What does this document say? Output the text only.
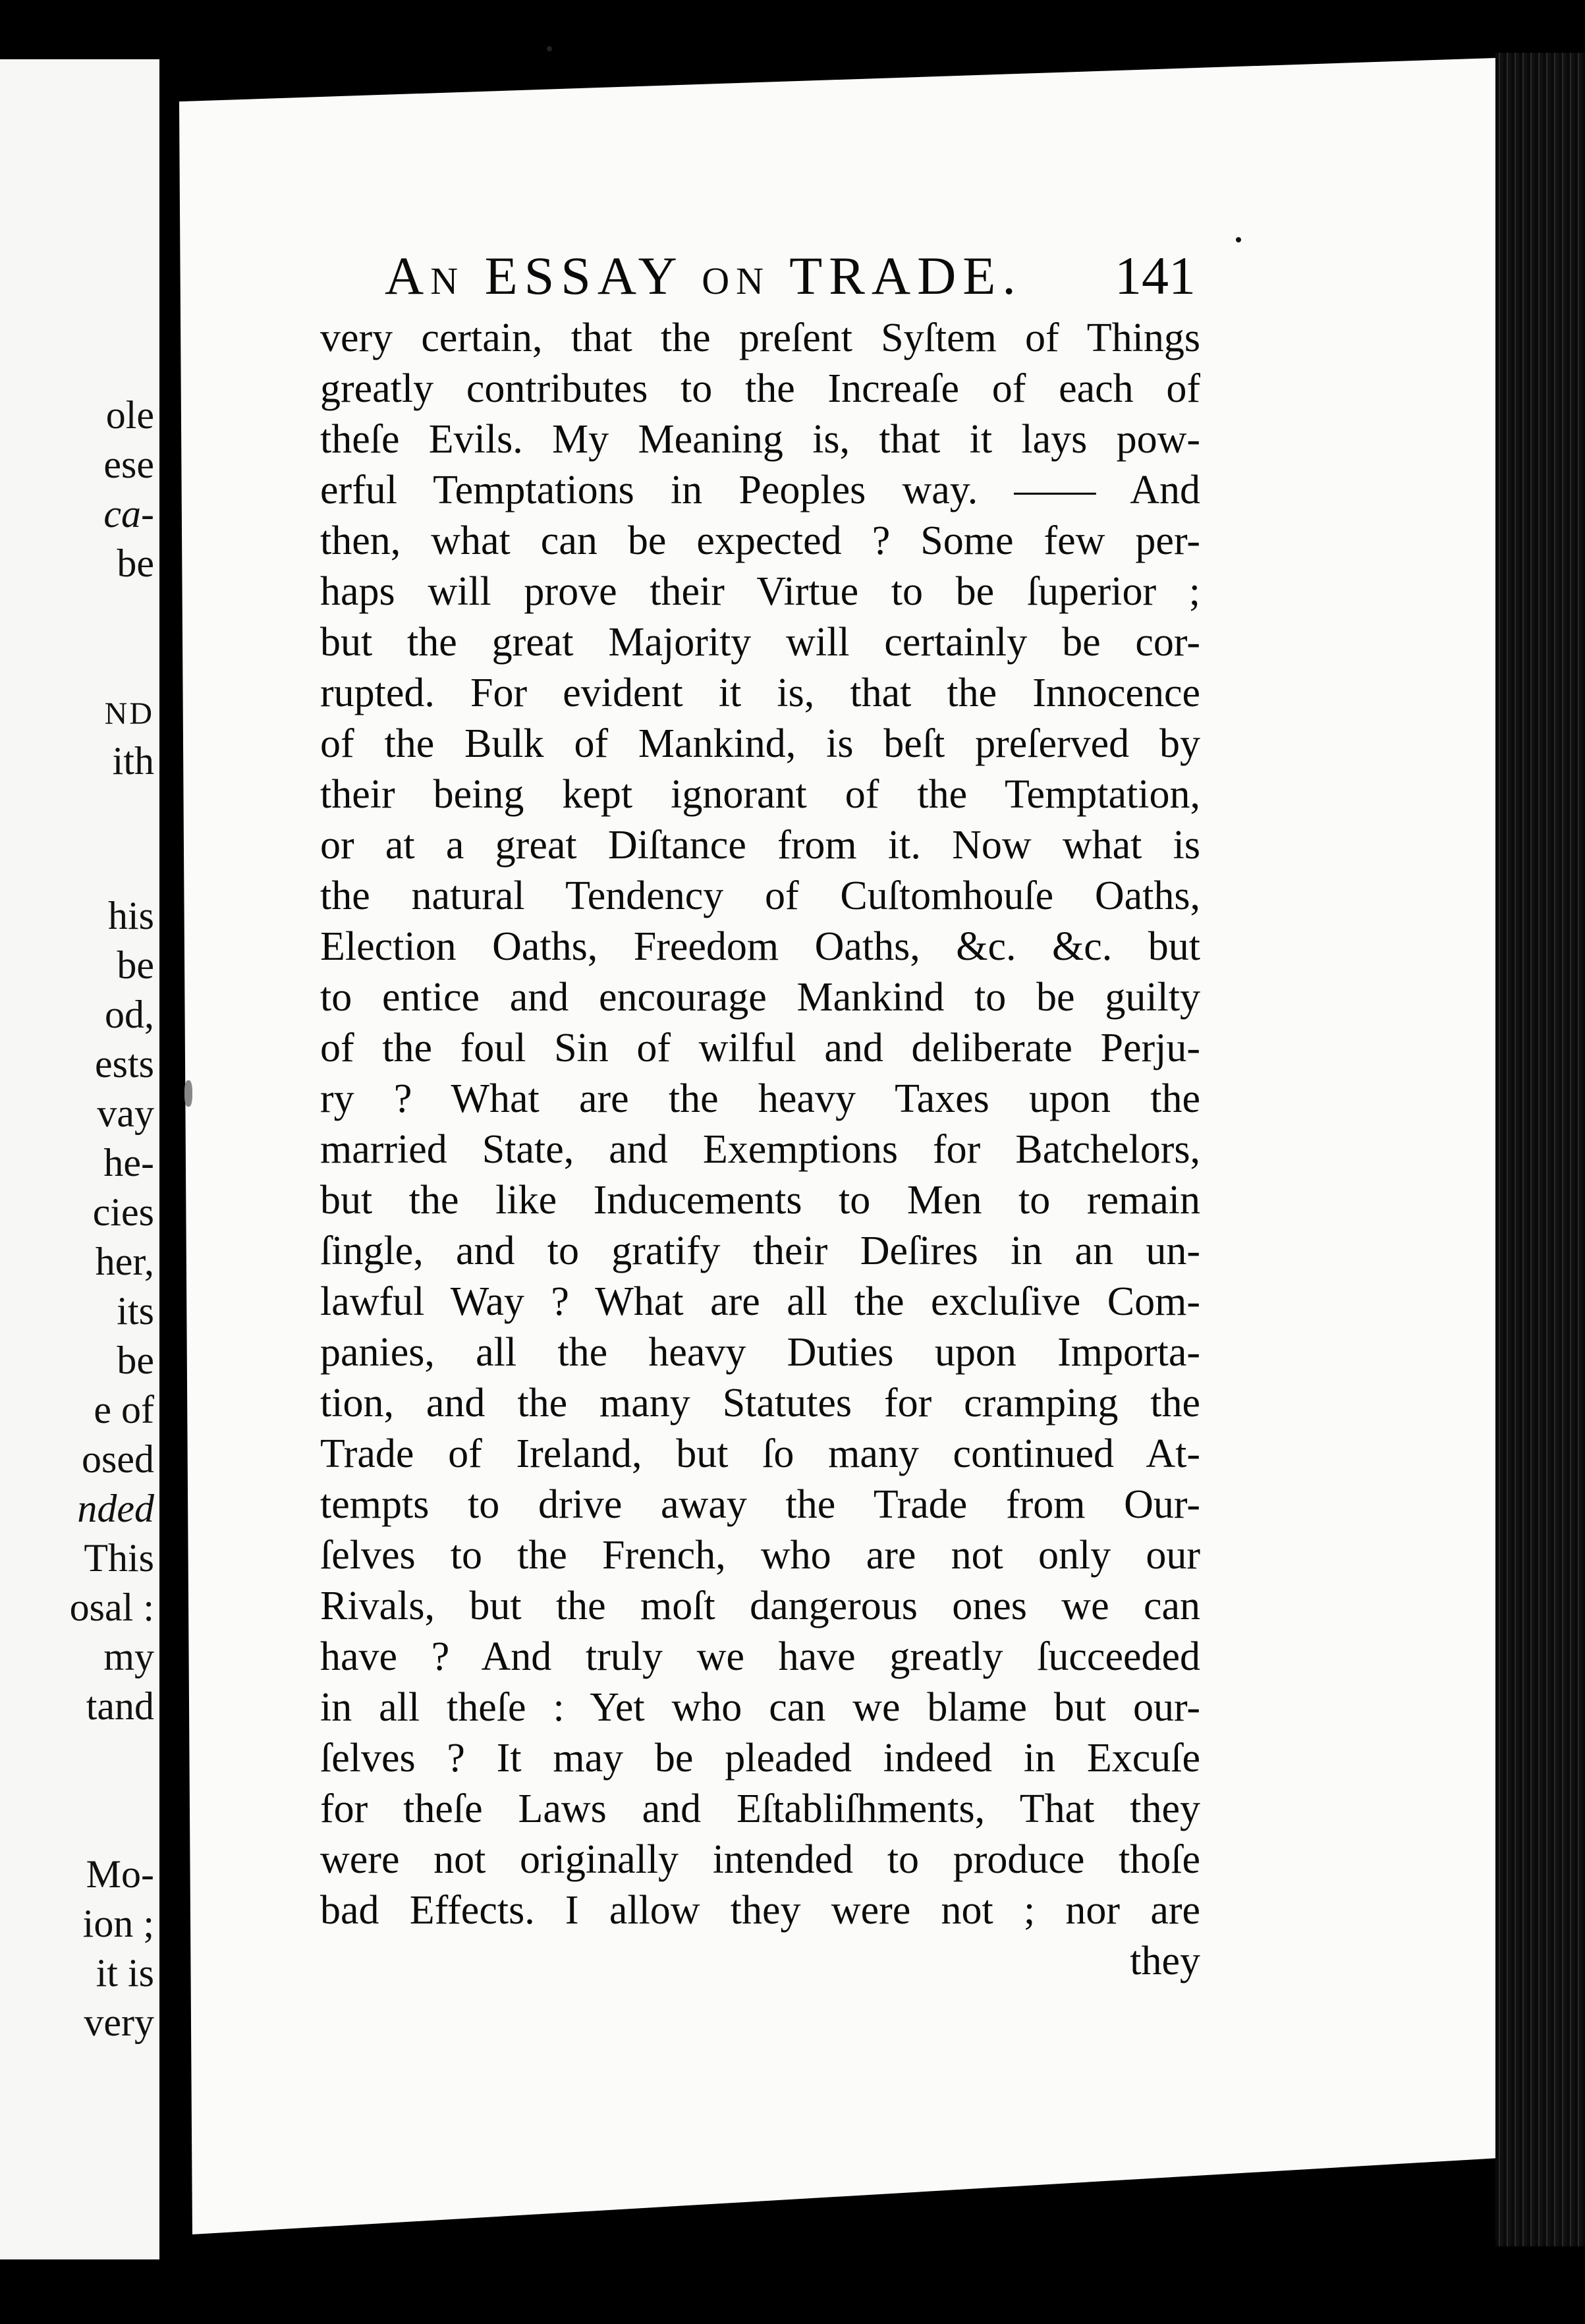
ole
ese
ca-
be
ND
ith
his
be
od,
ests
vay
he-
cies
her,
its
be
e of
osed
nded
This
osal :
my
tand
Mo-
ion ;
it is
very
AN ESSAY ON TRADE.	141
very certain, that the preſent Syſtem of Things
greatly contributes to the Increaſe of each of
theſe Evils. My Meaning is, that it lays pow-
erful Temptations in Peoples way. —— And
then, what can be expected ? Some few per-
haps will prove their Virtue to be ſuperior ;
but the great Majority will certainly be cor-
rupted. For evident it is, that the Innocence
of the Bulk of Mankind, is beſt preſerved by
their being kept ignorant of the Temptation,
or at a great Diſtance from it. Now what is
the natural Tendency of Cuſtomhouſe Oaths,
Election Oaths, Freedom Oaths, &c. &c. but
to entice and encourage Mankind to be guilty
of the foul Sin of wilful and deliberate Perju-
ry ? What are the heavy Taxes upon the
married State, and Exemptions for Batchelors,
but the like Inducements to Men to remain
ſingle, and to gratify their Deſires in an un-
lawful Way ? What are all the excluſive Com-
panies, all the heavy Duties upon Importa-
tion, and the many Statutes for cramping the
Trade of Ireland, but ſo many continued At-
tempts to drive away the Trade from Our-
ſelves to the French, who are not only our
Rivals, but the moſt dangerous ones we can
have ? And truly we have greatly ſucceeded
in all theſe : Yet who can we blame but our-
ſelves ? It may be pleaded indeed in Excuſe
for theſe Laws and Eſtabliſhments, That they
were not originally intended to produce thoſe
bad Effects. I allow they were not ; nor are
they
